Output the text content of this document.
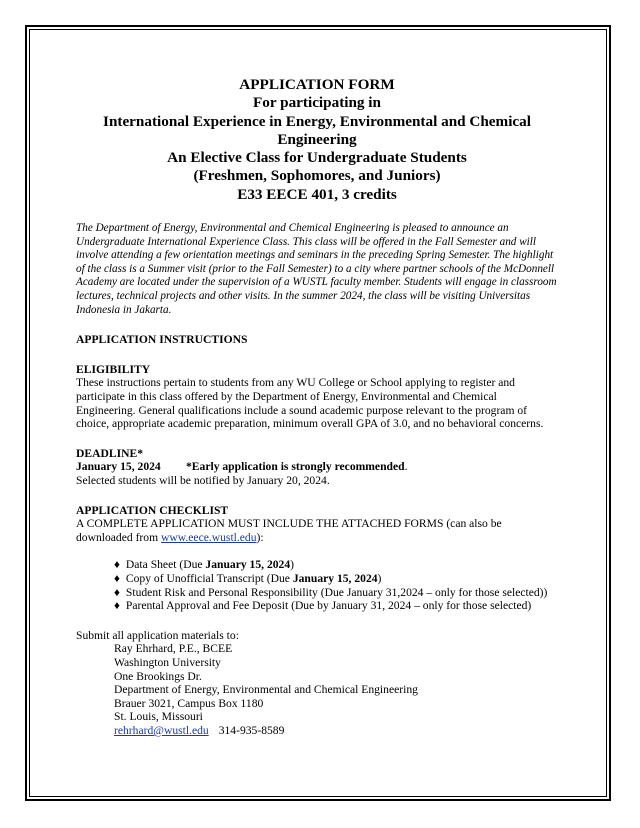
APPLICATION FORM
For participating in
International Experience in Energy, Environmental and Chemical
Engineering
An Elective Class for Undergraduate Students
(Freshmen, Sophomores, and Juniors)
E33 EECE 401, 3 credits

The Department of Energy, Environmental and Chemical Engineering is pleased to announce an Undergraduate International Experience Class. This class will be offered in the Fall Semester and will involve attending a few orientation meetings and seminars in the preceding Spring Semester. The highlight of the class is a Summer visit (prior to the Fall Semester) to a city where partner schools of the McDonnell Academy are located under the supervision of a WUSTL faculty member. Students will engage in classroom lectures, technical projects and other visits. In the summer 2024, the class will be visiting Universitas Indonesia in Jakarta.

APPLICATION INSTRUCTIONS

ELIGIBILITY

These instructions pertain to students from any WU College or School applying to register and participate in this class offered by the Department of Energy, Environmental and Chemical Engineering. General qualifications include a sound academic purpose relevant to the program of choice, appropriate academic preparation, minimum overall GPA of 3.0, and no behavioral concerns.

DEADLINE*

January 15, 2024 *Early application is strongly recommended.

Selected students will be notified by January 20, 2024.

APPLICATION CHECKLIST

A COMPLETE APPLICATION MUST INCLUDE THE ATTACHED FORMS (can also be downloaded from www.eece.wustl.edu):

♦ Data Sheet (Due January 15, 2024)
♦ Copy of Unofficial Transcript (Due January 15, 2024)
♦ Student Risk and Personal Responsibility (Due January 31,2024 – only for those selected))
♦ Parental Approval and Fee Deposit (Due by January 31, 2024 – only for those selected)

Submit all application materials to:

Ray Ehrhard, P.E., BCEE
Washington University
One Brookings Dr.
Department of Energy, Environmental and Chemical Engineering
Brauer 3021, Campus Box 1180
St. Louis, Missouri
rehrhard@wustl.edu 314-935-8589
